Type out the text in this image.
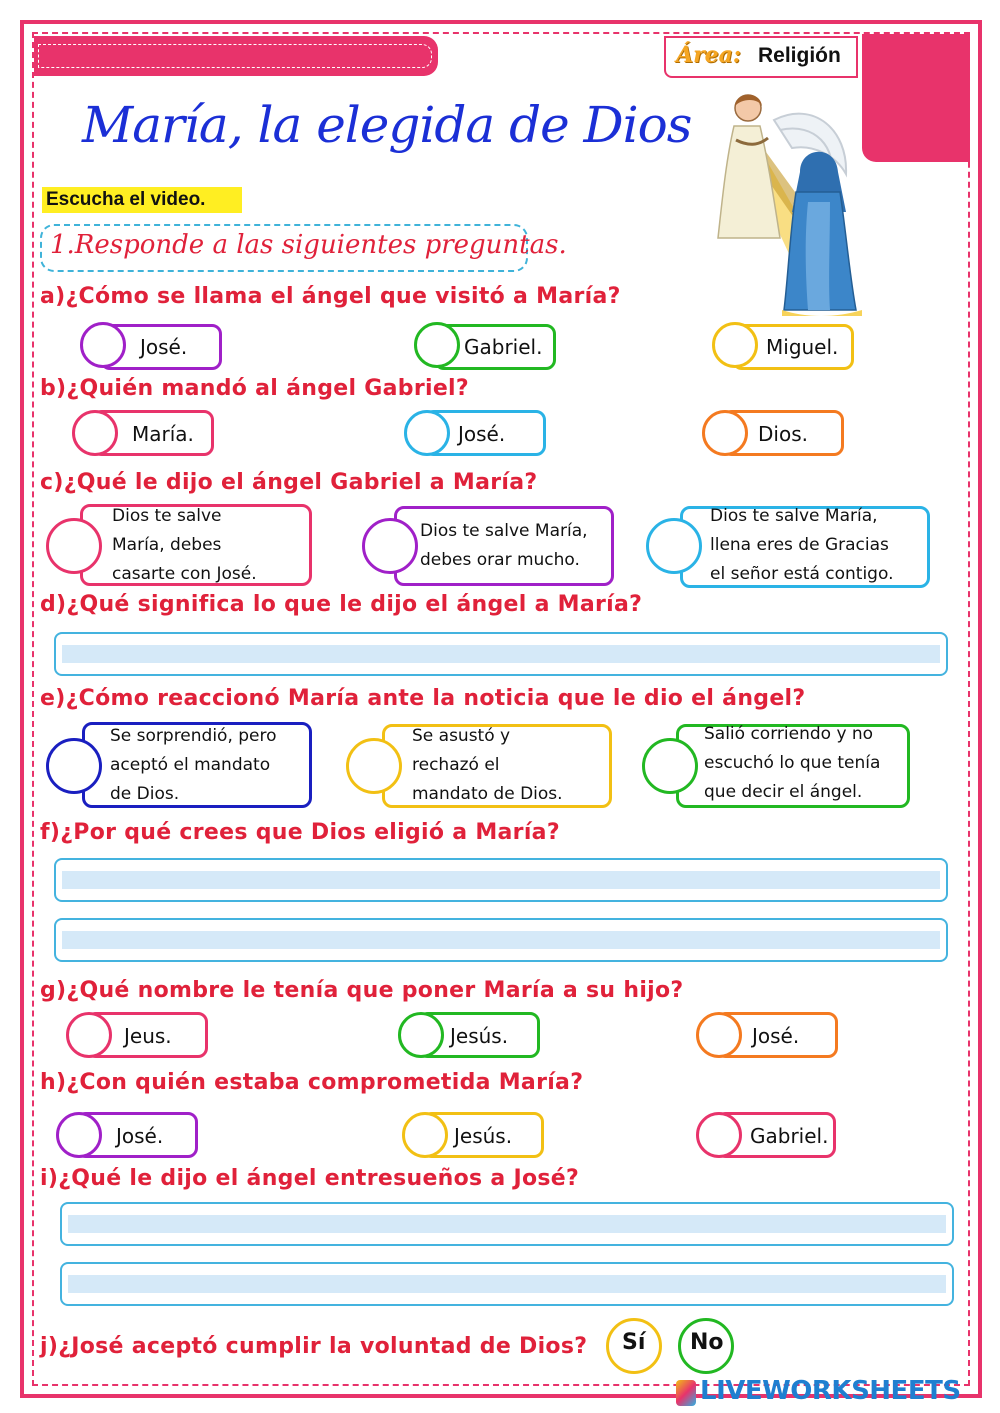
Área: Religión
María, la elegida de Dios
Escucha el video.
1.Responde a las siguientes preguntas.
a)¿Cómo se llama el ángel que visitó a María?
José.	Gabriel.	Miguel.
b)¿Quién mandó al ángel Gabriel?
María.	José.	Dios.
c)¿Qué le dijo el ángel Gabriel a María?
Dios te salve
María, debes
casarte con José.
Dios te salve María,
debes orar mucho.
Dios te salve María,
llena eres de Gracias
el señor está contigo.
d)¿Qué significa lo que le dijo el ángel a María?
e)¿Cómo reaccionó María ante la noticia que le dio el ángel?
Se sorprendió, pero
aceptó el mandato
de Dios.
Se asustó y
rechazó el
mandato de Dios.
Salió corriendo y no
escuchó lo que tenía
que decir el ángel.
f)¿Por qué crees que Dios eligió a María?
g)¿Qué nombre le tenía que poner María a su hijo?
Jeus.	Jesús.	José.
h)¿Con quién estaba comprometida María?
José.	Jesús.	Gabriel.
i)¿Qué le dijo el ángel entresueños a José?
j)¿José aceptó cumplir la voluntad de Dios? Sí No
LIVEWORKSHEETS
